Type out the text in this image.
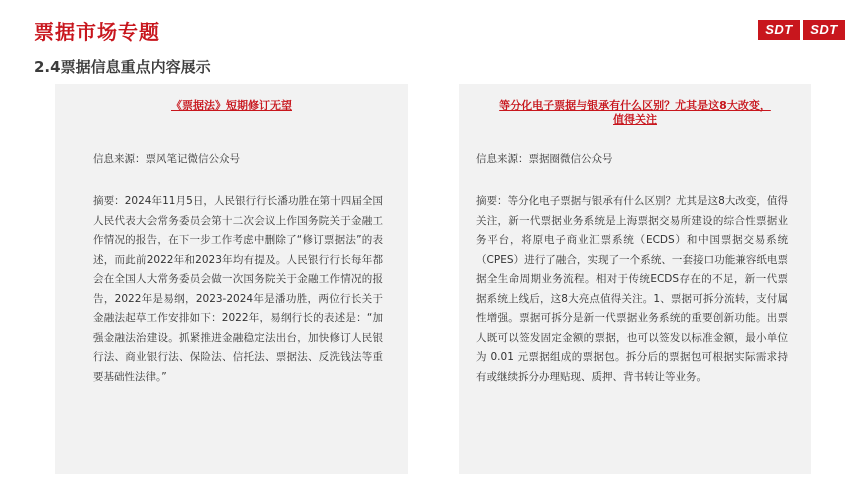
票据市场专题	SDT	SDT
2.4票据信息重点内容展示
《票据法》短期修订无望
信息来源：票风笔记微信公众号
摘要：2024年11月5日，人民银行行长潘功胜在第十四届全国人民代表大会常务委员会第十二次会议上作国务院关于金融工作情况的报告，在下一步工作考虑中删除了“修订票据法”的表述，而此前2022年和2023年均有提及。人民银行行长每年都会在全国人大常务委员会做一次国务院关于金融工作情况的报告，2022年是易纲，2023-2024年是潘功胜，两位行长关于金融法起草工作安排如下：2022年，易纲行长的表述是：“加强金融法治建设。抓紧推进金融稳定法出台，加快修订人民银行法、商业银行法、保险法、信托法、票据法、反洗钱法等重要基础性法律。”
等分化电子票据与银承有什么区别？尤其是这8大改变，值得关注
信息来源：票据圈微信公众号
摘要：等分化电子票据与银承有什么区别？尤其是这8大改变，值得关注，新一代票据业务系统是上海票据交易所建设的综合性票据业务平台，将原电子商业汇票系统（ECDS）和中国票据交易系统（CPES）进行了融合，实现了一个系统、一套接口功能兼容纸电票据全生命周期业务流程。相对于传统ECDS存在的不足，新一代票据系统上线后，这8大亮点值得关注。1、票据可拆分流转，支付属性增强。票据可拆分是新一代票据业务系统的重要创新功能。出票人既可以签发固定金额的票据，也可以签发以标准金额，最小单位为 0.01 元票据组成的票据包。拆分后的票据包可根据实际需求持有或继续拆分办理贴现、质押、背书转让等业务。
